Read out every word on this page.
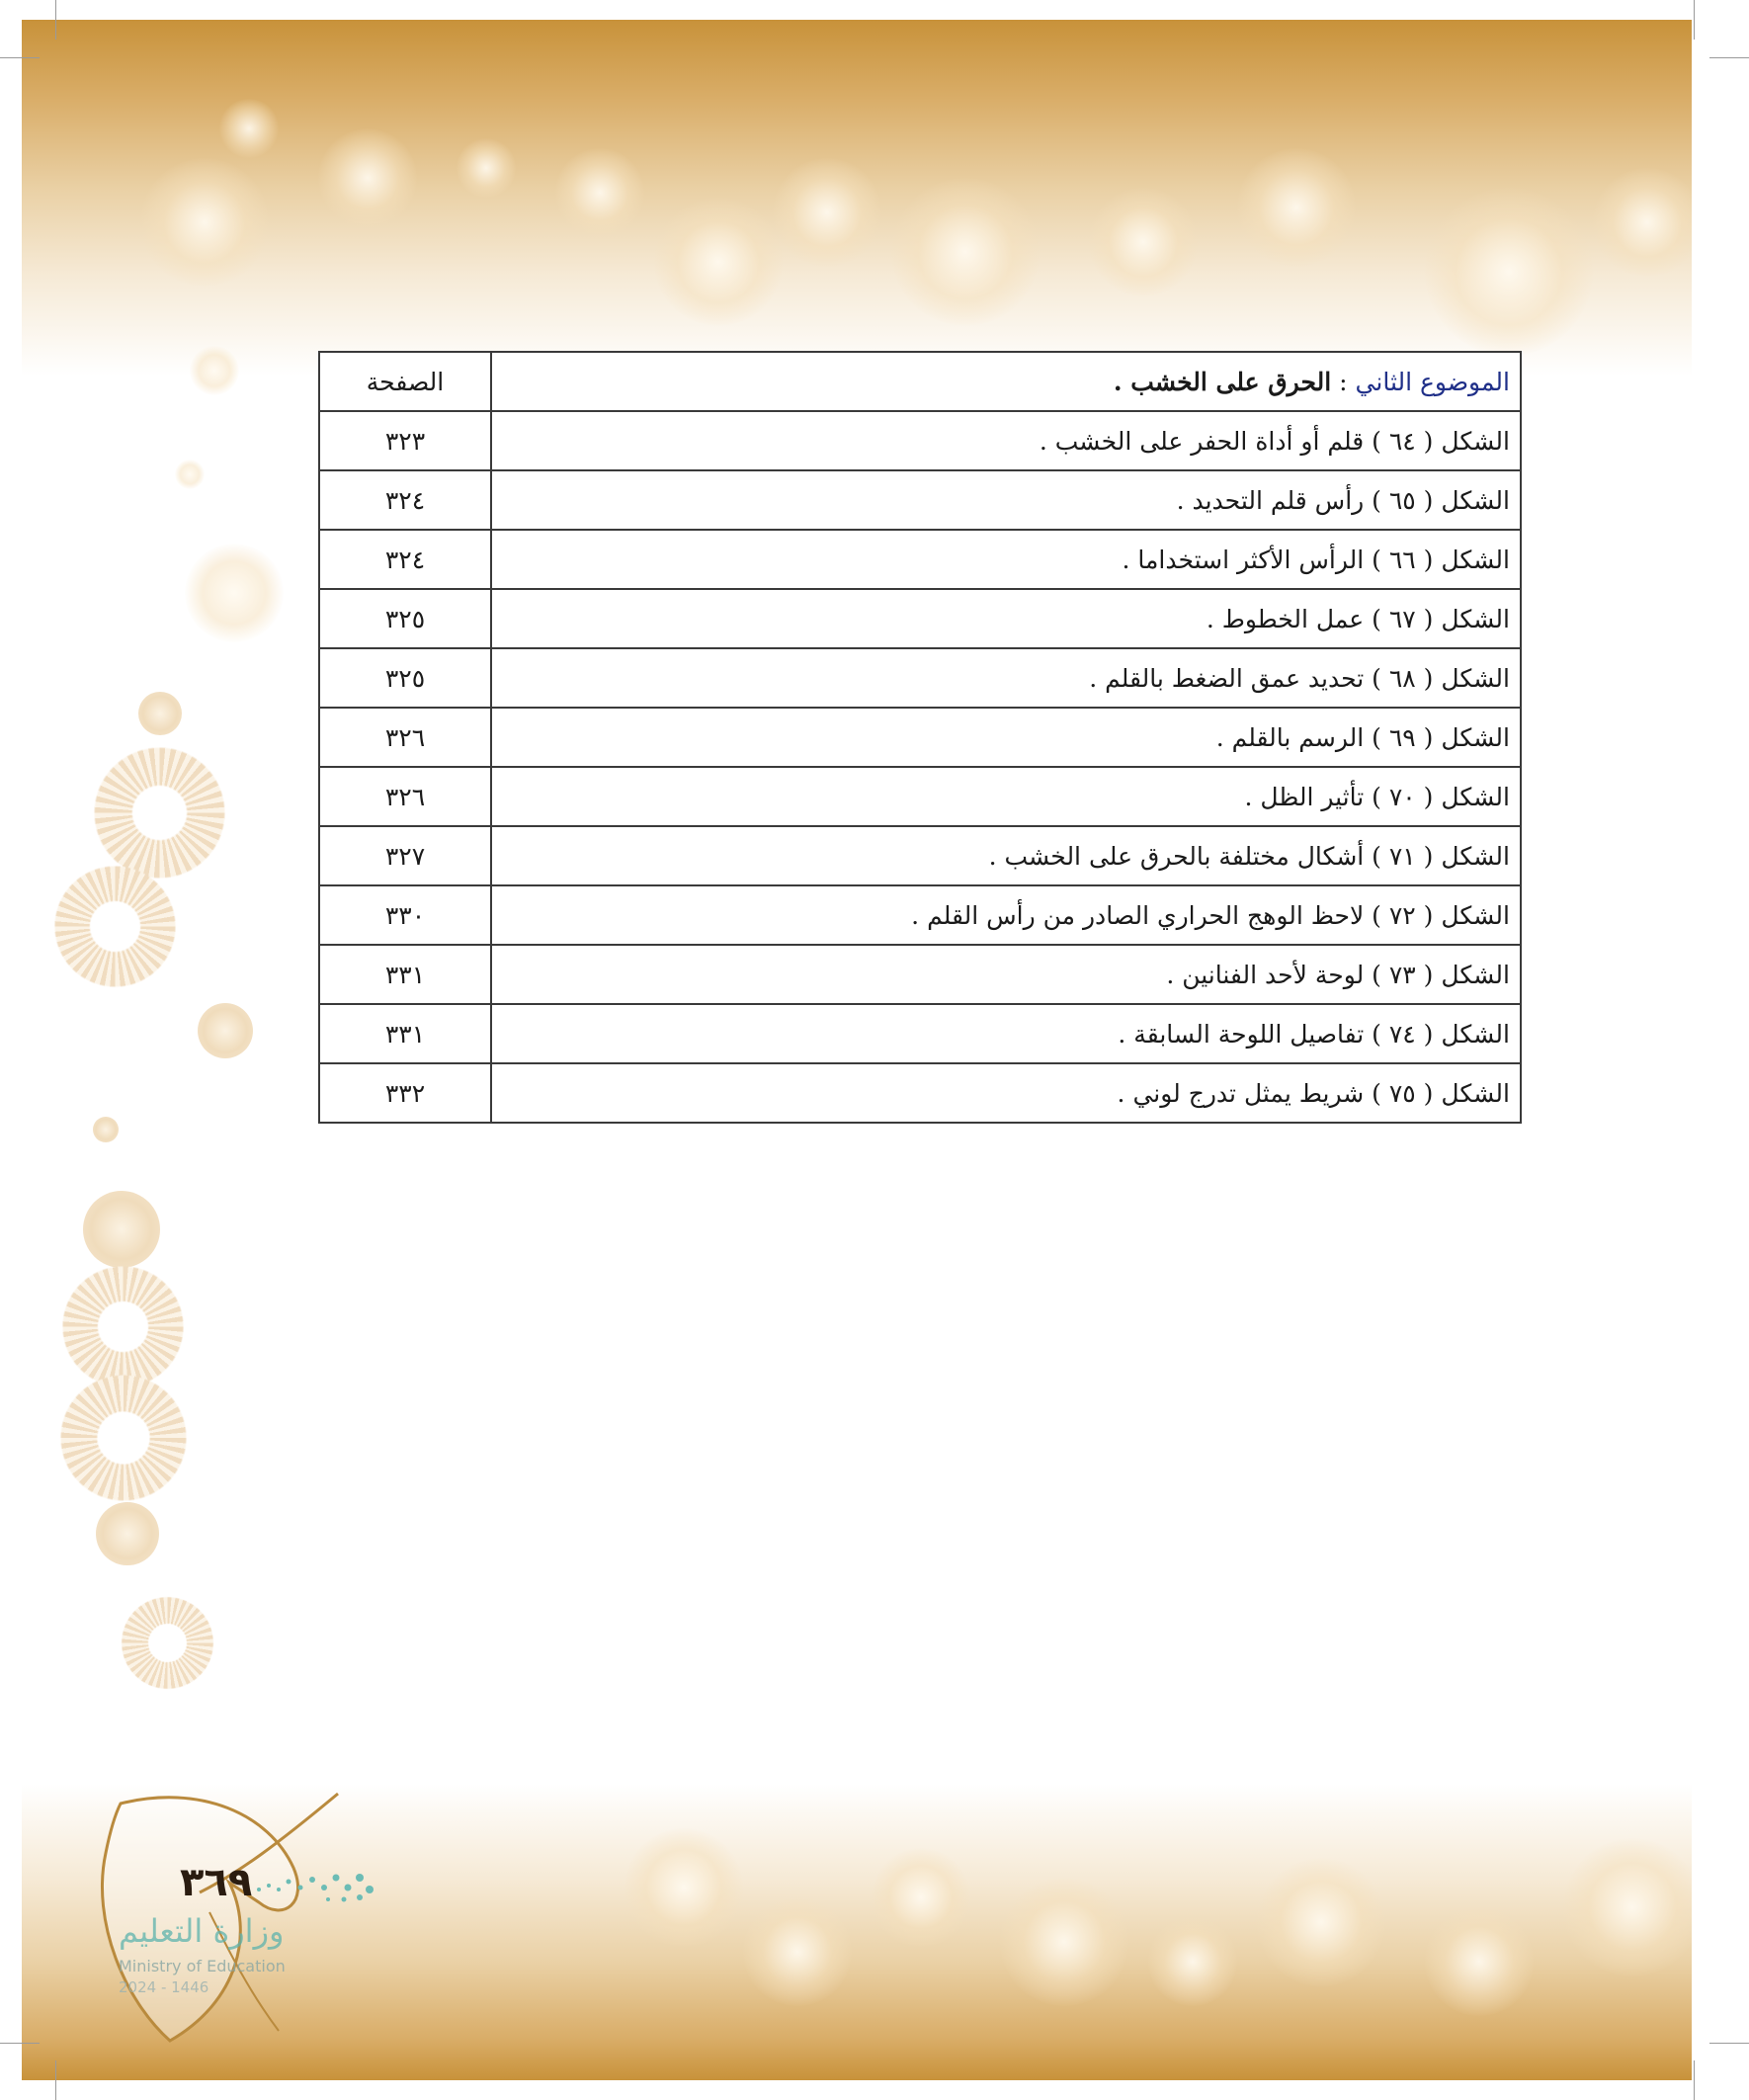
الموضوع الثاني : الحرق على الخشب .	الصفحة
الشكل ( ٦٤ ) قلم أو أداة الحفر على الخشب .	٣٢٣
الشكل ( ٦٥ ) رأس قلم التحديد .	٣٢٤
الشكل ( ٦٦ ) الرأس الأكثر استخداما .	٣٢٤
الشكل ( ٦٧ ) عمل الخطوط .	٣٢٥
الشكل ( ٦٨ ) تحديد عمق الضغط بالقلم .	٣٢٥
الشكل ( ٦٩ ) الرسم بالقلم .	٣٢٦
الشكل ( ٧٠ ) تأثير الظل .	٣٢٦
الشكل ( ٧١ ) أشكال مختلفة بالحرق على الخشب .	٣٢٧
الشكل ( ٧٢ ) لاحظ الوهج الحراري الصادر من رأس القلم .	٣٣٠
الشكل ( ٧٣ ) لوحة لأحد الفنانين .	٣٣١
الشكل ( ٧٤ ) تفاصيل اللوحة السابقة .	٣٣١
الشكل ( ٧٥ ) شريط يمثل تدرج لوني .	٣٣٢
٣٦٩
وزارة التعليم
Ministry of Education
2024 - 1446
